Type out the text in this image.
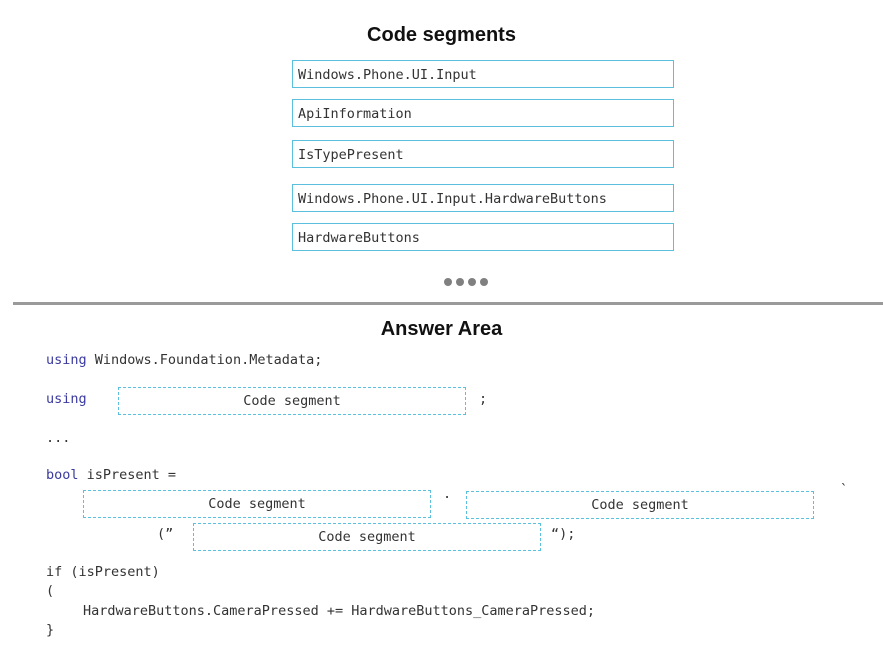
Code segments
Windows.Phone.UI.Input
ApiInformation
IsTypePresent
Windows.Phone.UI.Input.HardwareButtons
HardwareButtons
Answer Area
using Windows.Foundation.Metadata;
using	Code segment	;
...
bool isPresent =
Code segment
.
Code segment
`
(”	Code segment	“);
if (isPresent)
(
HardwareButtons.CameraPressed += HardwareButtons_CameraPressed;
}
